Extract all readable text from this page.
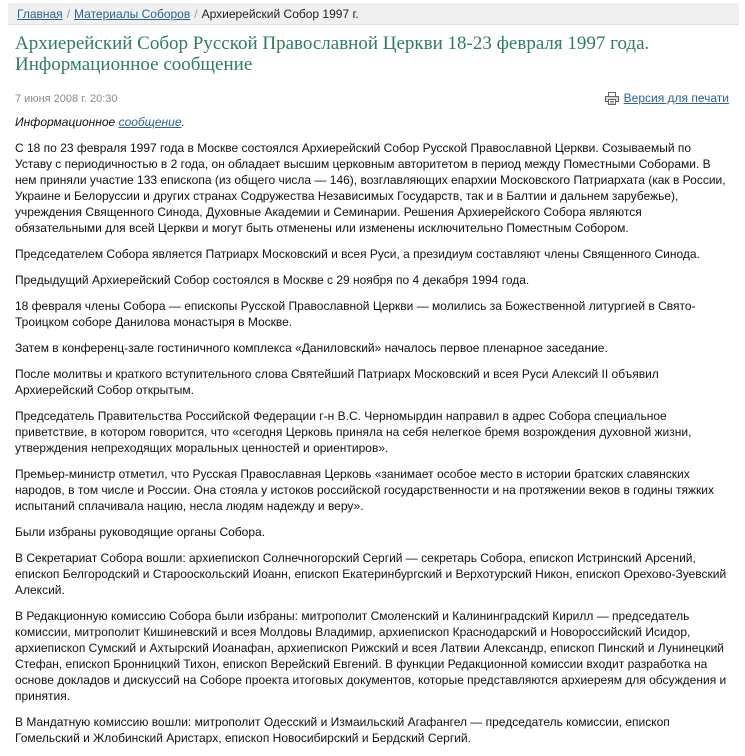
Главная / Материалы Соборов / Архиерейский Собор 1997 г.
Архиерейский Собор Русской Православной Церкви 18-23 февраля 1997 года. Информационное сообщение
7 июня 2008 г. 20:30	Версия для печати
Информационное сообщение.

С 18 по 23 февраля 1997 года в Москве состоялся Архиерейский Собор Русской Православной Церкви. Созываемый по Уставу с периодичностью в 2 года, он обладает высшим церковным авторитетом в период между Поместными Соборами. В нем приняли участие 133 епископа (из общего числа — 146), возглавляющих епархии Московского Патриархата (как в России, Украине и Белоруссии и других странах Содружества Независимых Государств, так и в Балтии и дальнем зарубежье), учреждения Священного Синода, Духовные Академии и Семинарии. Решения Архиерейского Собора являются обязательными для всей Церкви и могут быть отменены или изменены исключительно Поместным Собором.

Председателем Собора является Патриарх Московский и всея Руси, а президиум составляют члены Священного Синода.

Предыдущий Архиерейский Собор состоялся в Москве с 29 ноября по 4 декабря 1994 года.

18 февраля члены Собора — епископы Русской Православной Церкви — молились за Божественной литургией в Свято-Троицком соборе Данилова монастыря в Москве.

Затем в конференц-зале гостиничного комплекса «Даниловский» началось первое пленарное заседание.

После молитвы и краткого вступительного слова Святейший Патриарх Московский и всея Руси Алексий II объявил Архиерейский Собор открытым.

Председатель Правительства Российской Федерации г-н В.С. Черномырдин направил в адрес Собора специальное приветствие, в котором говорится, что «сегодня Церковь приняла на себя нелегкое бремя возрождения духовной жизни, утверждения непреходящих моральных ценностей и ориентиров».

Премьер-министр отметил, что Русская Православная Церковь «занимает особое место в истории братских славянских народов, в том числе и России. Она стояла у истоков российской государственности и на протяжении веков в годины тяжких испытаний сплачивала нацию, несла людям надежду и веру».

Были избраны руководящие органы Собора.

В Секретариат Собора вошли: архиепископ Солнечногорский Сергий — секретарь Собора, епископ Истринский Арсений, епископ Белгородский и Старооскольский Иоанн, епископ Екатеринбургский и Верхотурский Никон, епископ Орехово-Зуевский Алексий.

В Редакционную комиссию Собора были избраны: митрополит Смоленский и Калининградский Кирилл — председатель комиссии, митрополит Кишиневский и всея Молдовы Владимир, архиепископ Краснодарский и Новороссийский Исидор, архиепископ Сумский и Ахтырский Иоанафан, архиепископ Рижский и всея Латвии Александр, епископ Пинский и Лунинецкий Стефан, епископ Бронницкий Тихон, епископ Верейский Евгений. В функции Редакционной комиссии входит разработка на основе докладов и дискуссий на Соборе проекта итоговых документов, которые представляются архиереям для обсуждения и принятия.

В Мандатную комиссию вошли: митрополит Одесский и Измаильский Агафангел — председатель комиссии, епископ Гомельский и Жлобинский Аристарх, епископ Новосибирский и Бердский Сергий.
